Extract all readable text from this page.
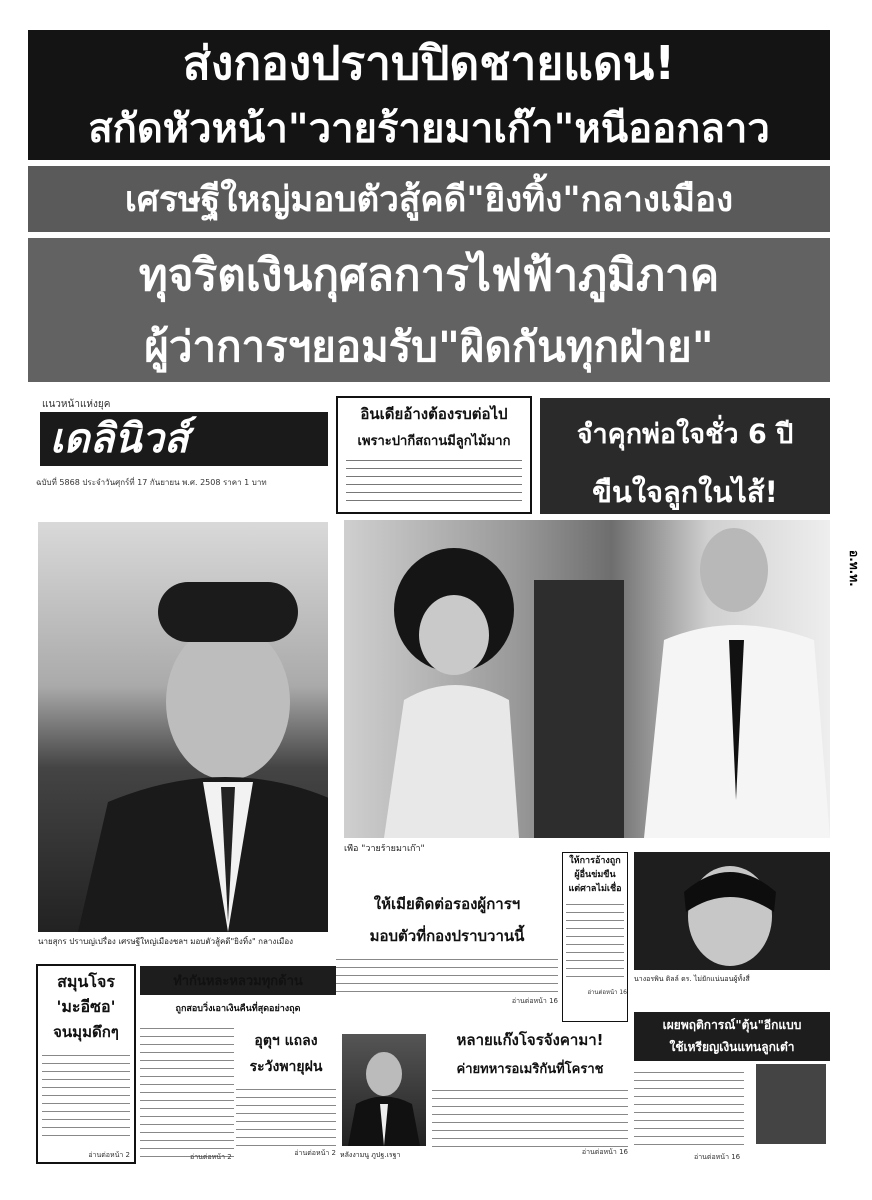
ส่งกองปราบปิดชายแดน!
สกัดหัวหน้า"วายร้ายมาเก๊า"หนีออกลาว
เศรษฐีใหญ่มอบตัวสู้คดี"ยิงทิ้ง"กลางเมือง
ทุจริตเงินกุศลการไฟฟ้าภูมิภาค
ผู้ว่าการฯยอมรับ"ผิดกันทุกฝ่าย"
แนวหน้าแห่งยุค
เดลินิวส์
ฉบับที่ 5868 ประจำวันศุกร์ที่ 17 กันยายน พ.ศ. 2508 ราคา 1 บาท
อินเดียอ้างต้องรบต่อไป
เพราะปากีสถานมีลูกไม้มาก	จำคุกพ่อใจชั่ว 6 ปี
ขืนใจลูกในไส้!
นายสุกร ปราบญ่เปรื่อง เศรษฐีใหญ่เมืองชลฯ มอบตัวสู้คดี"ยิงทิ้ง" กลางเมือง
เพื่อ "วายร้ายมาเก๊า"
อ.ท.ท.
ให้เมียติดต่อรองผู้การฯ
มอบตัวที่กองปราบวานนี้
อ่านต่อหน้า 16
ให้การอ้างถูก
ผู้อื่นข่มขืน
แต่ศาลไม่เชื่อ
อ่านต่อหน้า 16
นางอรพิน ติลล์ ดร. ไม่ยักแน่นอนผู้ทั้งสี่
สมุนโจร
'มะอีซอ'
จนมุมดึกๆ
อ่านต่อหน้า 2
ทำกันหละหลวมทุกด้าน
ถูกสอบวิ่งเอาเงินคืนที่สุดอย่างถุด
อ่านต่อหน้า 2
อุตุฯ แถลง
ระวังพายุฝน
อ่านต่อหน้า 2 หลังงามนู ภูปฐ.เรฐา
หลายแก๊งโจรจังคามา!
ค่ายทหารอเมริกันที่โคราช
อ่านต่อหน้า 16
เผยพฤติการณ์"ตุ้น"อีกแบบ
ใช้เหรียญเงินแทนลูกเต๋า
อ่านต่อหน้า 16
